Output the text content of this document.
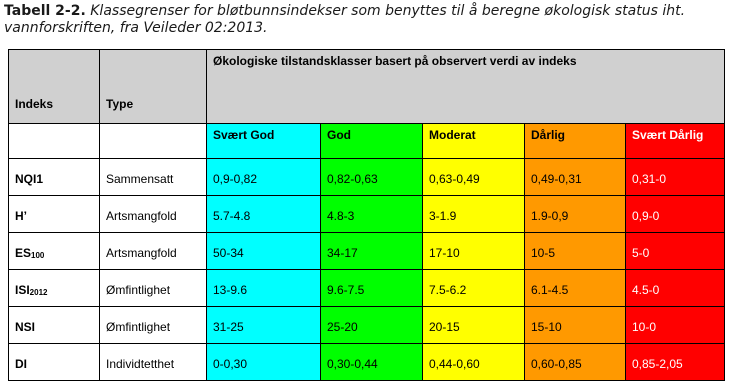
Tabell 2-2. Klassegrenser for bløtbunnsindekser som benyttes til å beregne økologisk status iht. vannforskriften, fra Veileder 02:2013.
Indeks	Type	Økologiske tilstandsklasser basert på observert verdi av indeks				
		Svært God	God	Moderat	Dårlig	Svært Dårlig
NQI1	Sammensatt	0,9-0,82	0,82-0,63	0,63-0,49	0,49-0,31	0,31-0
H’	Artsmangfold	5.7-4.8	4.8-3	3-1.9	1.9-0,9	0,9-0
$ES_{100}$	Artsmangfold	50-34	34-17	17-10	10-5	5-0
$ISI_{2012}$	Ømfintlighet	13-9.6	9.6-7.5	7.5-6.2	6.1-4.5	4.5-0
NSI	Ømfintlighet	31-25	25-20	20-15	15-10	10-0
DI	Individtetthet	0-0,30	0,30-0,44	0,44-0,60	0,60-0,85	0,85-2,05
